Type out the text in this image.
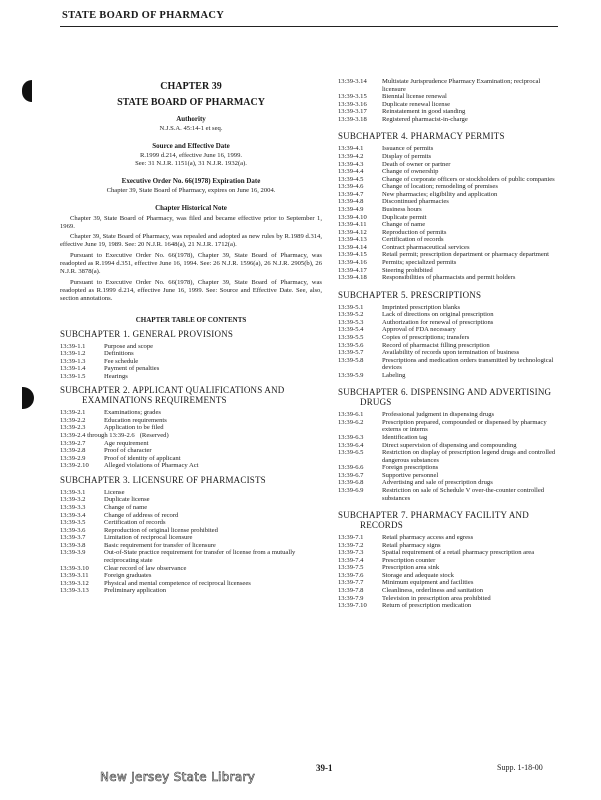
STATE BOARD OF PHARMACY
CHAPTER 39
STATE BOARD OF PHARMACY
Authority
N.J.S.A. 45:14-1 et seq.
Source and Effective Date
R.1999 d.214, effective June 16, 1999.
See: 31 N.J.R. 1151(a), 31 N.J.R. 1932(a).
Executive Order No. 66(1978) Expiration Date
Chapter 39, State Board of Pharmacy, expires on June 16, 2004.
Chapter Historical Note

Chapter 39, State Board of Pharmacy, was filed and became effective prior to September 1, 1969.

Chapter 39, State Board of Pharmacy, was repealed and adopted as new rules by R.1989 d.314, effective June 19, 1989. See: 20 N.J.R. 1648(a), 21 N.J.R. 1712(a).

Pursuant to Executive Order No. 66(1978), Chapter 39, State Board of Pharmacy, was readopted as R.1994 d.351, effective June 16, 1994. See: 26 N.J.R. 1596(a), 26 N.J.R. 2905(b), 26 N.J.R. 3878(a).

Pursuant to Executive Order No. 66(1978), Chapter 39, State Board of Pharmacy, was readopted as R.1999 d.214, effective June 16, 1999. See: Source and Effective Date. See, also, section annotations.

CHAPTER TABLE OF CONTENTS
SUBCHAPTER 1. GENERAL PROVISIONS
13:39-1.1	Purpose and scope
13:39-1.2	Definitions
13:39-1.3	Fee schedule
13:39-1.4	Payment of penalties
13:39-1.5	Hearings
SUBCHAPTER 2. APPLICANT QUALIFICATIONS AND
EXAMINATIONS REQUIREMENTS
13:39-2.1	Examinations; grades
13:39-2.2	Education requirements
13:39-2.3	Application to be filed
13:39-2.4 through 13:39-2.6 (Reserved)
13:39-2.7	Age requirement
13:39-2.8	Proof of character
13:39-2.9	Proof of identity of applicant
13:39-2.10	Alleged violations of Pharmacy Act
SUBCHAPTER 3. LICENSURE OF PHARMACISTS
13:39-3.1	License
13:39-3.2	Duplicate license
13:39-3.3	Change of name
13:39-3.4	Change of address of record
13:39-3.5	Certification of records
13:39-3.6	Reproduction of original license prohibited
13:39-3.7	Limitation of reciprocal licensure
13:39-3.8	Basic requirement for transfer of licensure
13:39-3.9	Out-of-State practice requirement for transfer of license from a mutually reciprocating state
13:39-3.10	Clear record of law observance
13:39-3.11	Foreign graduates
13:39-3.12	Physical and mental competence of reciprocal licensees
13:39-3.13	Preliminary application
13:39-3.14	Multistate Jurisprudence Pharmacy Examination; reciprocal licensure
13:39-3.15	Biennial license renewal
13:39-3.16	Duplicate renewal license
13:39-3.17	Reinstatement in good standing
13:39-3.18	Registered pharmacist-in-charge
SUBCHAPTER 4. PHARMACY PERMITS
13:39-4.1	Issuance of permits
13:39-4.2	Display of permits
13:39-4.3	Death of owner or partner
13:39-4.4	Change of ownership
13:39-4.5	Change of corporate officers or stockholders of public companies
13:39-4.6	Change of location; remodeling of premises
13:39-4.7	New pharmacies; eligibility and application
13:39-4.8	Discontinued pharmacies
13:39-4.9	Business hours
13:39-4.10	Duplicate permit
13:39-4.11	Change of name
13:39-4.12	Reproduction of permits
13:39-4.13	Certification of records
13:39-4.14	Contract pharmaceutical services
13:39-4.15	Retail permit; prescription department or pharmacy department
13:39-4.16	Permits; specialized permits
13:39-4.17	Steering prohibited
13:39-4.18	Responsibilities of pharmacists and permit holders
SUBCHAPTER 5. PRESCRIPTIONS
13:39-5.1	Imprinted prescription blanks
13:39-5.2	Lack of directions on original prescription
13:39-5.3	Authorization for renewal of prescriptions
13:39-5.4	Approval of FDA necessary
13:39-5.5	Copies of prescriptions; transfers
13:39-5.6	Record of pharmacist filling prescription
13:39-5.7	Availability of records upon termination of business
13:39-5.8	Prescriptions and medication orders transmitted by technological devices
13:39-5.9	Labeling
SUBCHAPTER 6. DISPENSING AND ADVERTISING
DRUGS
13:39-6.1	Professional judgment in dispensing drugs
13:39-6.2	Prescription prepared, compounded or dispensed by pharmacy externs or interns
13:39-6.3	Identification tag
13:39-6.4	Direct supervision of dispensing and compounding
13:39-6.5	Restriction on display of prescription legend drugs and controlled dangerous substances
13:39-6.6	Foreign prescriptions
13:39-6.7	Supportive personnel
13:39-6.8	Advertising and sale of prescription drugs
13:39-6.9	Restriction on sale of Schedule V over-the-counter controlled substances
SUBCHAPTER 7. PHARMACY FACILITY AND
RECORDS
13:39-7.1	Retail pharmacy access and egress
13:39-7.2	Retail pharmacy signs
13:39-7.3	Spatial requirement of a retail pharmacy prescription area
13:39-7.4	Prescription counter
13:39-7.5	Prescription area sink
13:39-7.6	Storage and adequate stock
13:39-7.7	Minimum equipment and facilities
13:39-7.8	Cleanliness, orderliness and sanitation
13:39-7.9	Television in prescription area prohibited
13:39-7.10	Return of prescription medication
39-1	Supp. 1-18-00
New Jersey State Library
